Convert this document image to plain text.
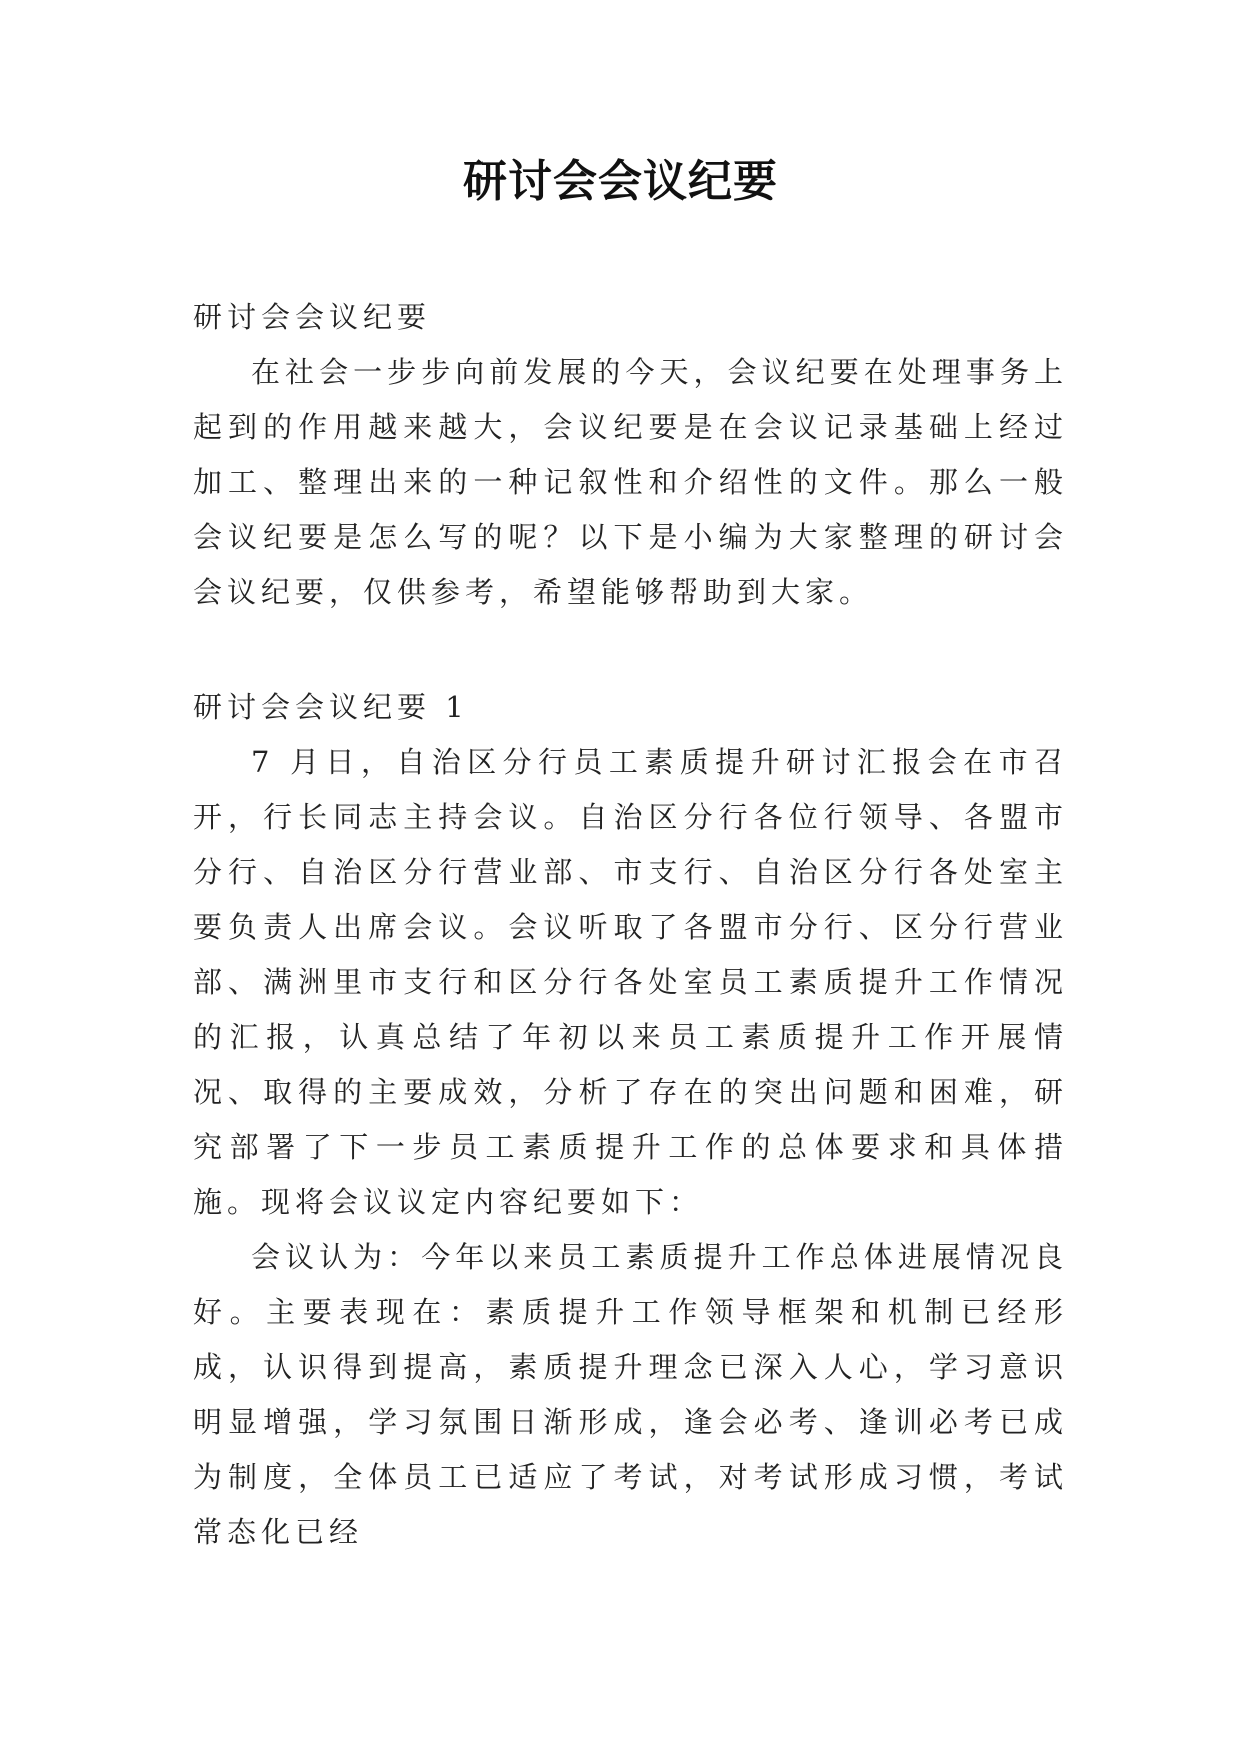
研讨会会议纪要

研讨会会议纪要

在社会一步步向前发展的今天，会议纪要在处理事务上起到的作用越来越大，会议纪要是在会议记录基础上经过加工、整理出来的一种记叙性和介绍性的文件。那么一般会议纪要是怎么写的呢？以下是小编为大家整理的研讨会会议纪要，仅供参考，希望能够帮助到大家。

研讨会会议纪要 1

7 月日，自治区分行员工素质提升研讨汇报会在市召开，行长同志主持会议。自治区分行各位行领导、各盟市分行、自治区分行营业部、市支行、自治区分行各处室主要负责人出席会议。会议听取了各盟市分行、区分行营业部、满洲里市支行和区分行各处室员工素质提升工作情况的汇报，认真总结了年初以来员工素质提升工作开展情况、取得的主要成效，分析了存在的突出问题和困难，研究部署了下一步员工素质提升工作的总体要求和具体措施。现将会议议定内容纪要如下：

会议认为：今年以来员工素质提升工作总体进展情况良好。主要表现在：素质提升工作领导框架和机制已经形成，认识得到提高，素质提升理念已深入人心，学习意识明显增强，学习氛围日渐形成，逢会必考、逢训必考已成为制度，全体员工已适应了考试，对考试形成习惯，考试常态化已经
